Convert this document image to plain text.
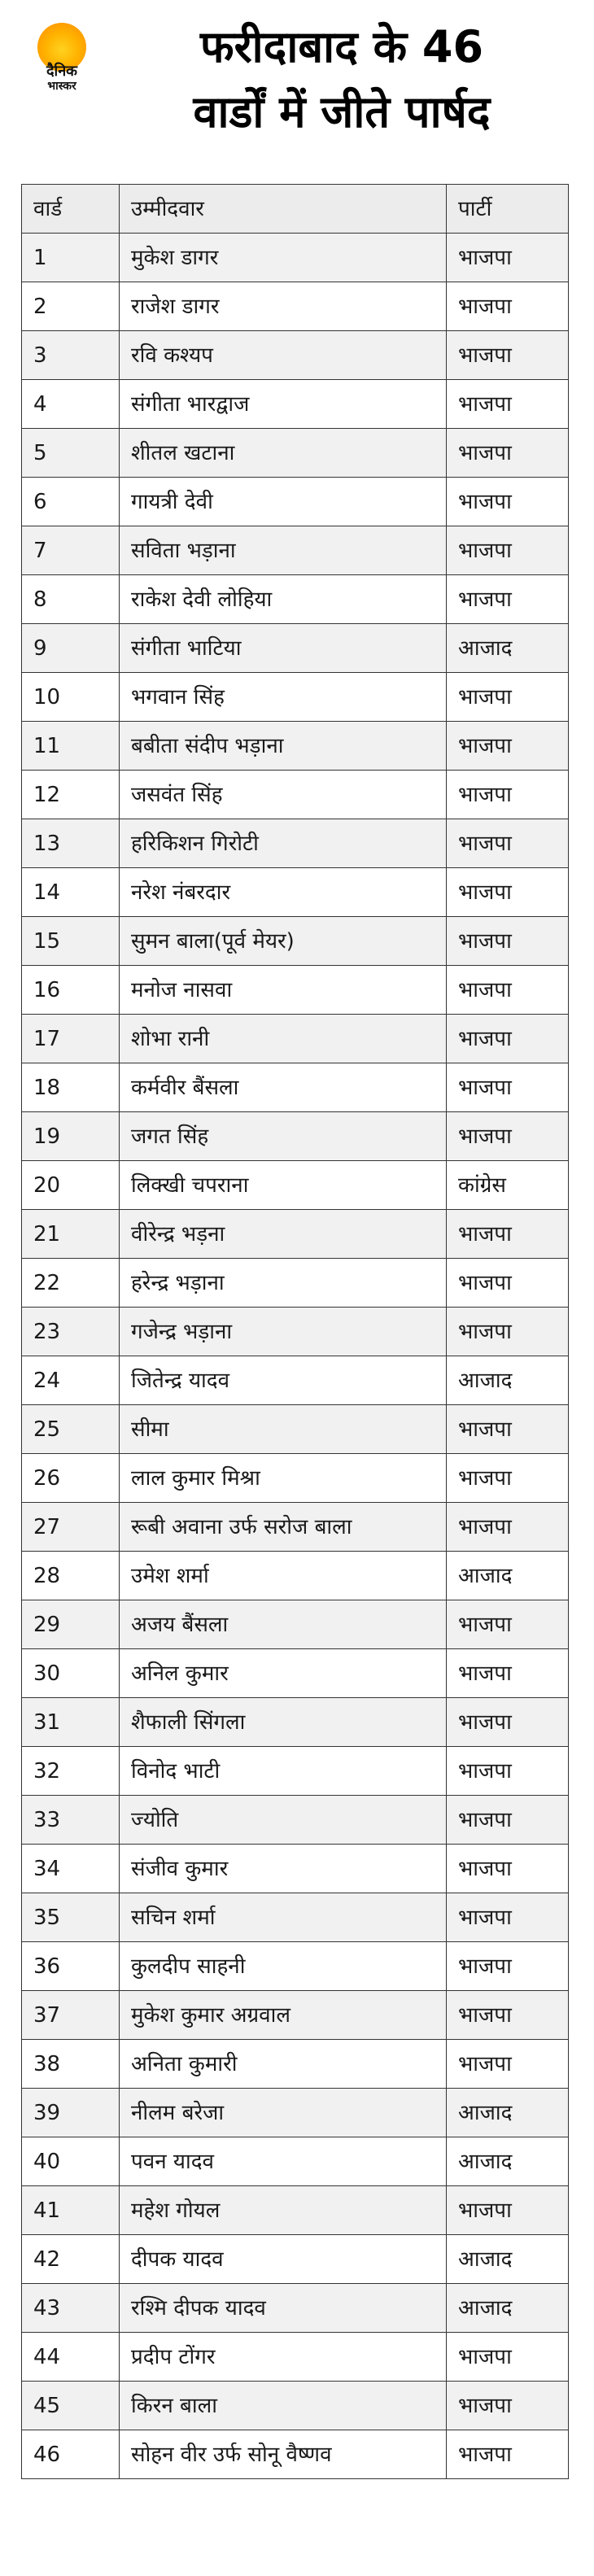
दैनिक
भास्कर
फरीदाबाद के 46
वार्डों में जीते पार्षद
वार्ड	उम्मीदवार	पार्टी
1	मुकेश डागर	भाजपा
2	राजेश डागर	भाजपा
3	रवि कश्यप	भाजपा
4	संगीता भारद्वाज	भाजपा
5	शीतल खटाना	भाजपा
6	गायत्री देवी	भाजपा
7	सविता भड़ाना	भाजपा
8	राकेश देवी लोहिया	भाजपा
9	संगीता भाटिया	आजाद
10	भगवान सिंह	भाजपा
11	बबीता संदीप भड़ाना	भाजपा
12	जसवंत सिंह	भाजपा
13	हरिकिशन गिरोटी	भाजपा
14	नरेश नंबरदार	भाजपा
15	सुमन बाला(पूर्व मेयर)	भाजपा
16	मनोज नासवा	भाजपा
17	शोभा रानी	भाजपा
18	कर्मवीर बैंसला	भाजपा
19	जगत सिंह	भाजपा
20	लिक्खी चपराना	कांग्रेस
21	वीरेन्द्र भड़ना	भाजपा
22	हरेन्द्र भड़ाना	भाजपा
23	गजेन्द्र भड़ाना	भाजपा
24	जितेन्द्र यादव	आजाद
25	सीमा	भाजपा
26	लाल कुमार मिश्रा	भाजपा
27	रूबी अवाना उर्फ सरोज बाला	भाजपा
28	उमेश शर्मा	आजाद
29	अजय बैंसला	भाजपा
30	अनिल कुमार	भाजपा
31	शैफाली सिंगला	भाजपा
32	विनोद भाटी	भाजपा
33	ज्योति	भाजपा
34	संजीव कुमार	भाजपा
35	सचिन शर्मा	भाजपा
36	कुलदीप साहनी	भाजपा
37	मुकेश कुमार अग्रवाल	भाजपा
38	अनिता कुमारी	भाजपा
39	नीलम बरेजा	आजाद
40	पवन यादव	आजाद
41	महेश गोयल	भाजपा
42	दीपक यादव	आजाद
43	रश्मि दीपक यादव	आजाद
44	प्रदीप टोंगर	भाजपा
45	किरन बाला	भाजपा
46	सोहन वीर उर्फ सोनू वैष्णव	भाजपा
